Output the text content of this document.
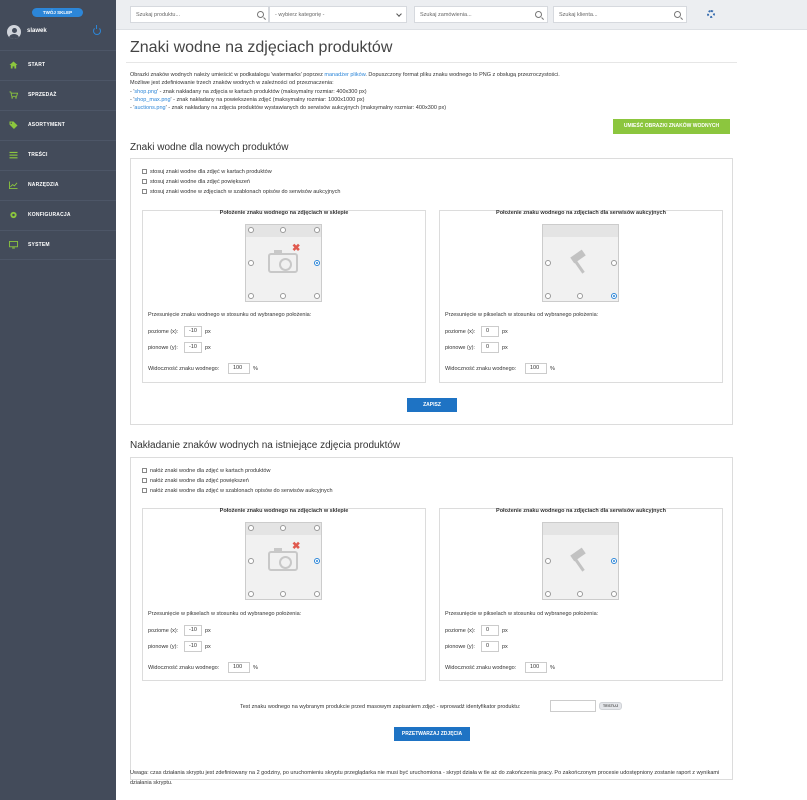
TWÓJ SKLEP
slawek
START
SPRZEDAŻ
ASORTYMENT
TREŚCI
NARZĘDZIA
KONFIGURACJA
SYSTEM
Szukaj produktu...	- wybierz kategorię -	Szukaj zamówienia...	Szukaj klienta...
Znaki wodne na zdjęciach produktów
Obrazki znaków wodnych należy umieścić w podkatalogu 'watermarks' poprzez manadżer plików. Dopuszczony format pliku znaku wodnego to PNG z obsługą przezroczystości.
Możliwe jest zdefiniowanie trzech znaków wodnych w zależności od przeznaczenia:
- 'shop.png' - znak nakładany na zdjęcia w kartach produktów (maksymalny rozmiar: 400x300 px)
- 'shop_max.png' - znak nakładany na powiekszenia zdjęć (maksymalny rozmiar: 1000x1000 px)
- 'auctions.png' - znak nakładany na zdjęcia produktów wystawianych do serwisów aukcyjnych (maksymalny rozmiar: 400x300 px)
UMIEŚĆ OBRAZKI ZNAKÓW WODNYCH
Znaki wodne dla nowych produktów
stosuj znaki wodne dla zdjęć w kartach produktów
stosuj znaki wodne dla zdjęć powiększeń
stosuj znaki wodne w zdjęciach w szablonach opisów do serwisów aukcyjnych
Położenie znaku wodnego na zdjęciach w sklepie
✖
Przesunięcie znaku wodnego w stosunku od wybranego położenia:
poziome (x):	-10	px
pionowe (y):	-10	px
Widoczność znaku wodnego:	100	%
Położenie znaku wodnego na zdjęciach dla serwisów aukcyjnych
Przesunięcie w pikselach w stosunku od wybranego położenia:
poziome (x):	0	px
pionowe (y):	0	px
Widoczność znaku wodnego:	100	%
ZAPISZ
Nakładanie znaków wodnych na istniejące zdjęcia produktów
nałóż znaki wodne dla zdjęć w kartach produktów
nałóż znaki wodne dla zdjęć powiększeń
nałóż znaki wodne dla zdjęć w szablonach opisów do serwisów aukcyjnych
Położenie znaku wodnego na zdjęciach w sklepie
✖
Przesunięcie w pikselach w stosunku od wybranego położenia:
poziome (x):	-10	px
pionowe (y):	-10	px
Widoczność znaku wodnego:	100	%
Położenie znaku wodnego na zdjęciach dla serwisów aukcyjnych
Przesunięcie w pikselach w stosunku od wybranego położenia:
poziome (x):	0	px
pionowe (y):	0	px
Widoczność znaku wodnego:	100	%
Test znaku wodnego na wybranym produkcie przed masowym zapisaniem zdjęć - wprowadź identyfikator produktu:	TESTUJ
PRZETWARZAJ ZDJĘCIA
Uwaga: czas działania skryptu jest zdefiniowany na 2 godziny, po uruchomieniu skryptu przeglądarka nie musi być uruchomiona - skrypt działa w tle aż do zakończenia pracy. Po zakończonym procesie udostępniony zostanie raport z wynikami działania skryptu.
